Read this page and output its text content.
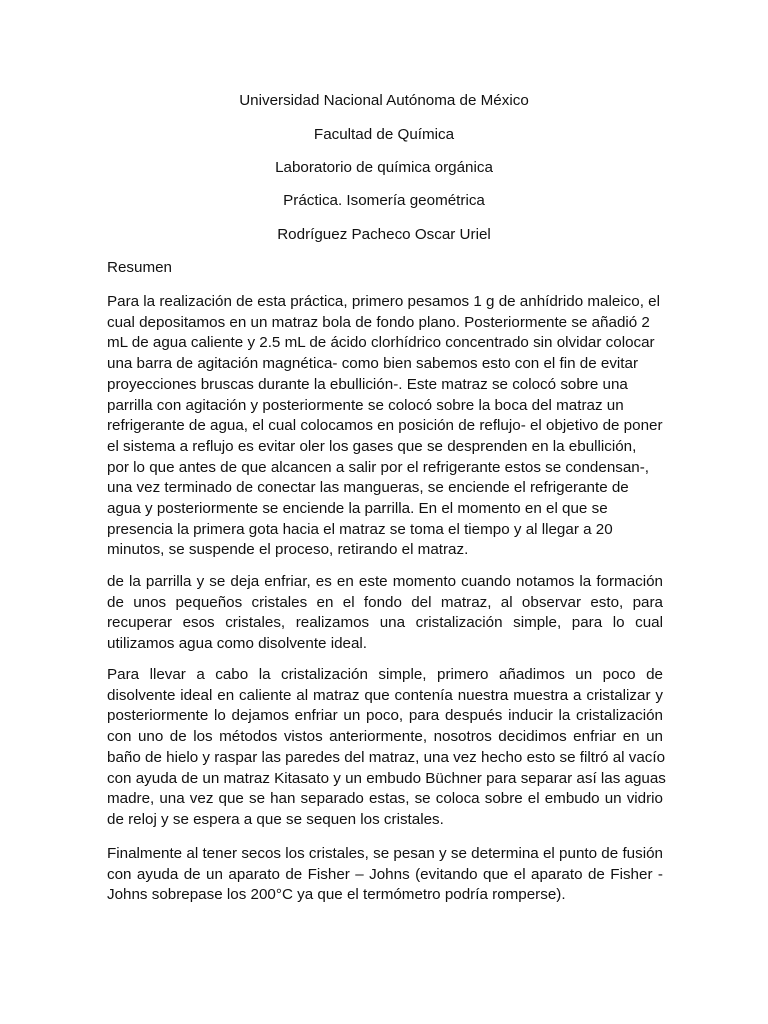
Universidad Nacional Autónoma de México
Facultad de Química
Laboratorio de química orgánica
Práctica. Isomería geométrica
Rodríguez Pacheco Oscar Uriel
Resumen
Para la realización de esta práctica, primero pesamos 1 g de anhídrido maleico, el
cual depositamos en un matraz bola de fondo plano. Posteriormente se añadió 2
mL de agua caliente y 2.5 mL de ácido clorhídrico concentrado sin olvidar colocar
una barra de agitación magnética- como bien sabemos esto con el fin de evitar
proyecciones bruscas durante la ebullición-. Este matraz se colocó sobre una
parrilla con agitación y posteriormente se colocó sobre la boca del matraz un
refrigerante de agua, el cual colocamos en posición de reflujo- el objetivo de poner
el sistema a reflujo es evitar oler los gases que se desprenden en la ebullición,
por lo que antes de que alcancen a salir por el refrigerante estos se condensan-,
una vez terminado de conectar las mangueras, se enciende el refrigerante de
agua y posteriormente se enciende la parrilla. En el momento en el que se
presencia la primera gota hacia el matraz se toma el tiempo y al llegar a 20
minutos, se suspende el proceso, retirando el matraz.
de la parrilla y se deja enfriar, es en este momento cuando notamos la formación
de unos pequeños cristales en el fondo del matraz, al observar esto, para
recuperar esos cristales, realizamos una cristalización simple, para lo cual
utilizamos agua como disolvente ideal.
Para llevar a cabo la cristalización simple, primero añadimos un poco de
disolvente ideal en caliente al matraz que contenía nuestra muestra a cristalizar y
posteriormente lo dejamos enfriar un poco, para después inducir la cristalización
con uno de los métodos vistos anteriormente, nosotros decidimos enfriar en un
baño de hielo y raspar las paredes del matraz, una vez hecho esto se filtró al vacío
con ayuda de un matraz Kitasato y un embudo Büchner para separar así las aguas
madre, una vez que se han separado estas, se coloca sobre el embudo un vidrio
de reloj y se espera a que se sequen los cristales.
Finalmente al tener secos los cristales, se pesan y se determina el punto de fusión
con ayuda de un aparato de Fisher – Johns (evitando que el aparato de Fisher -
Johns sobrepase los 200°C ya que el termómetro podría romperse).
